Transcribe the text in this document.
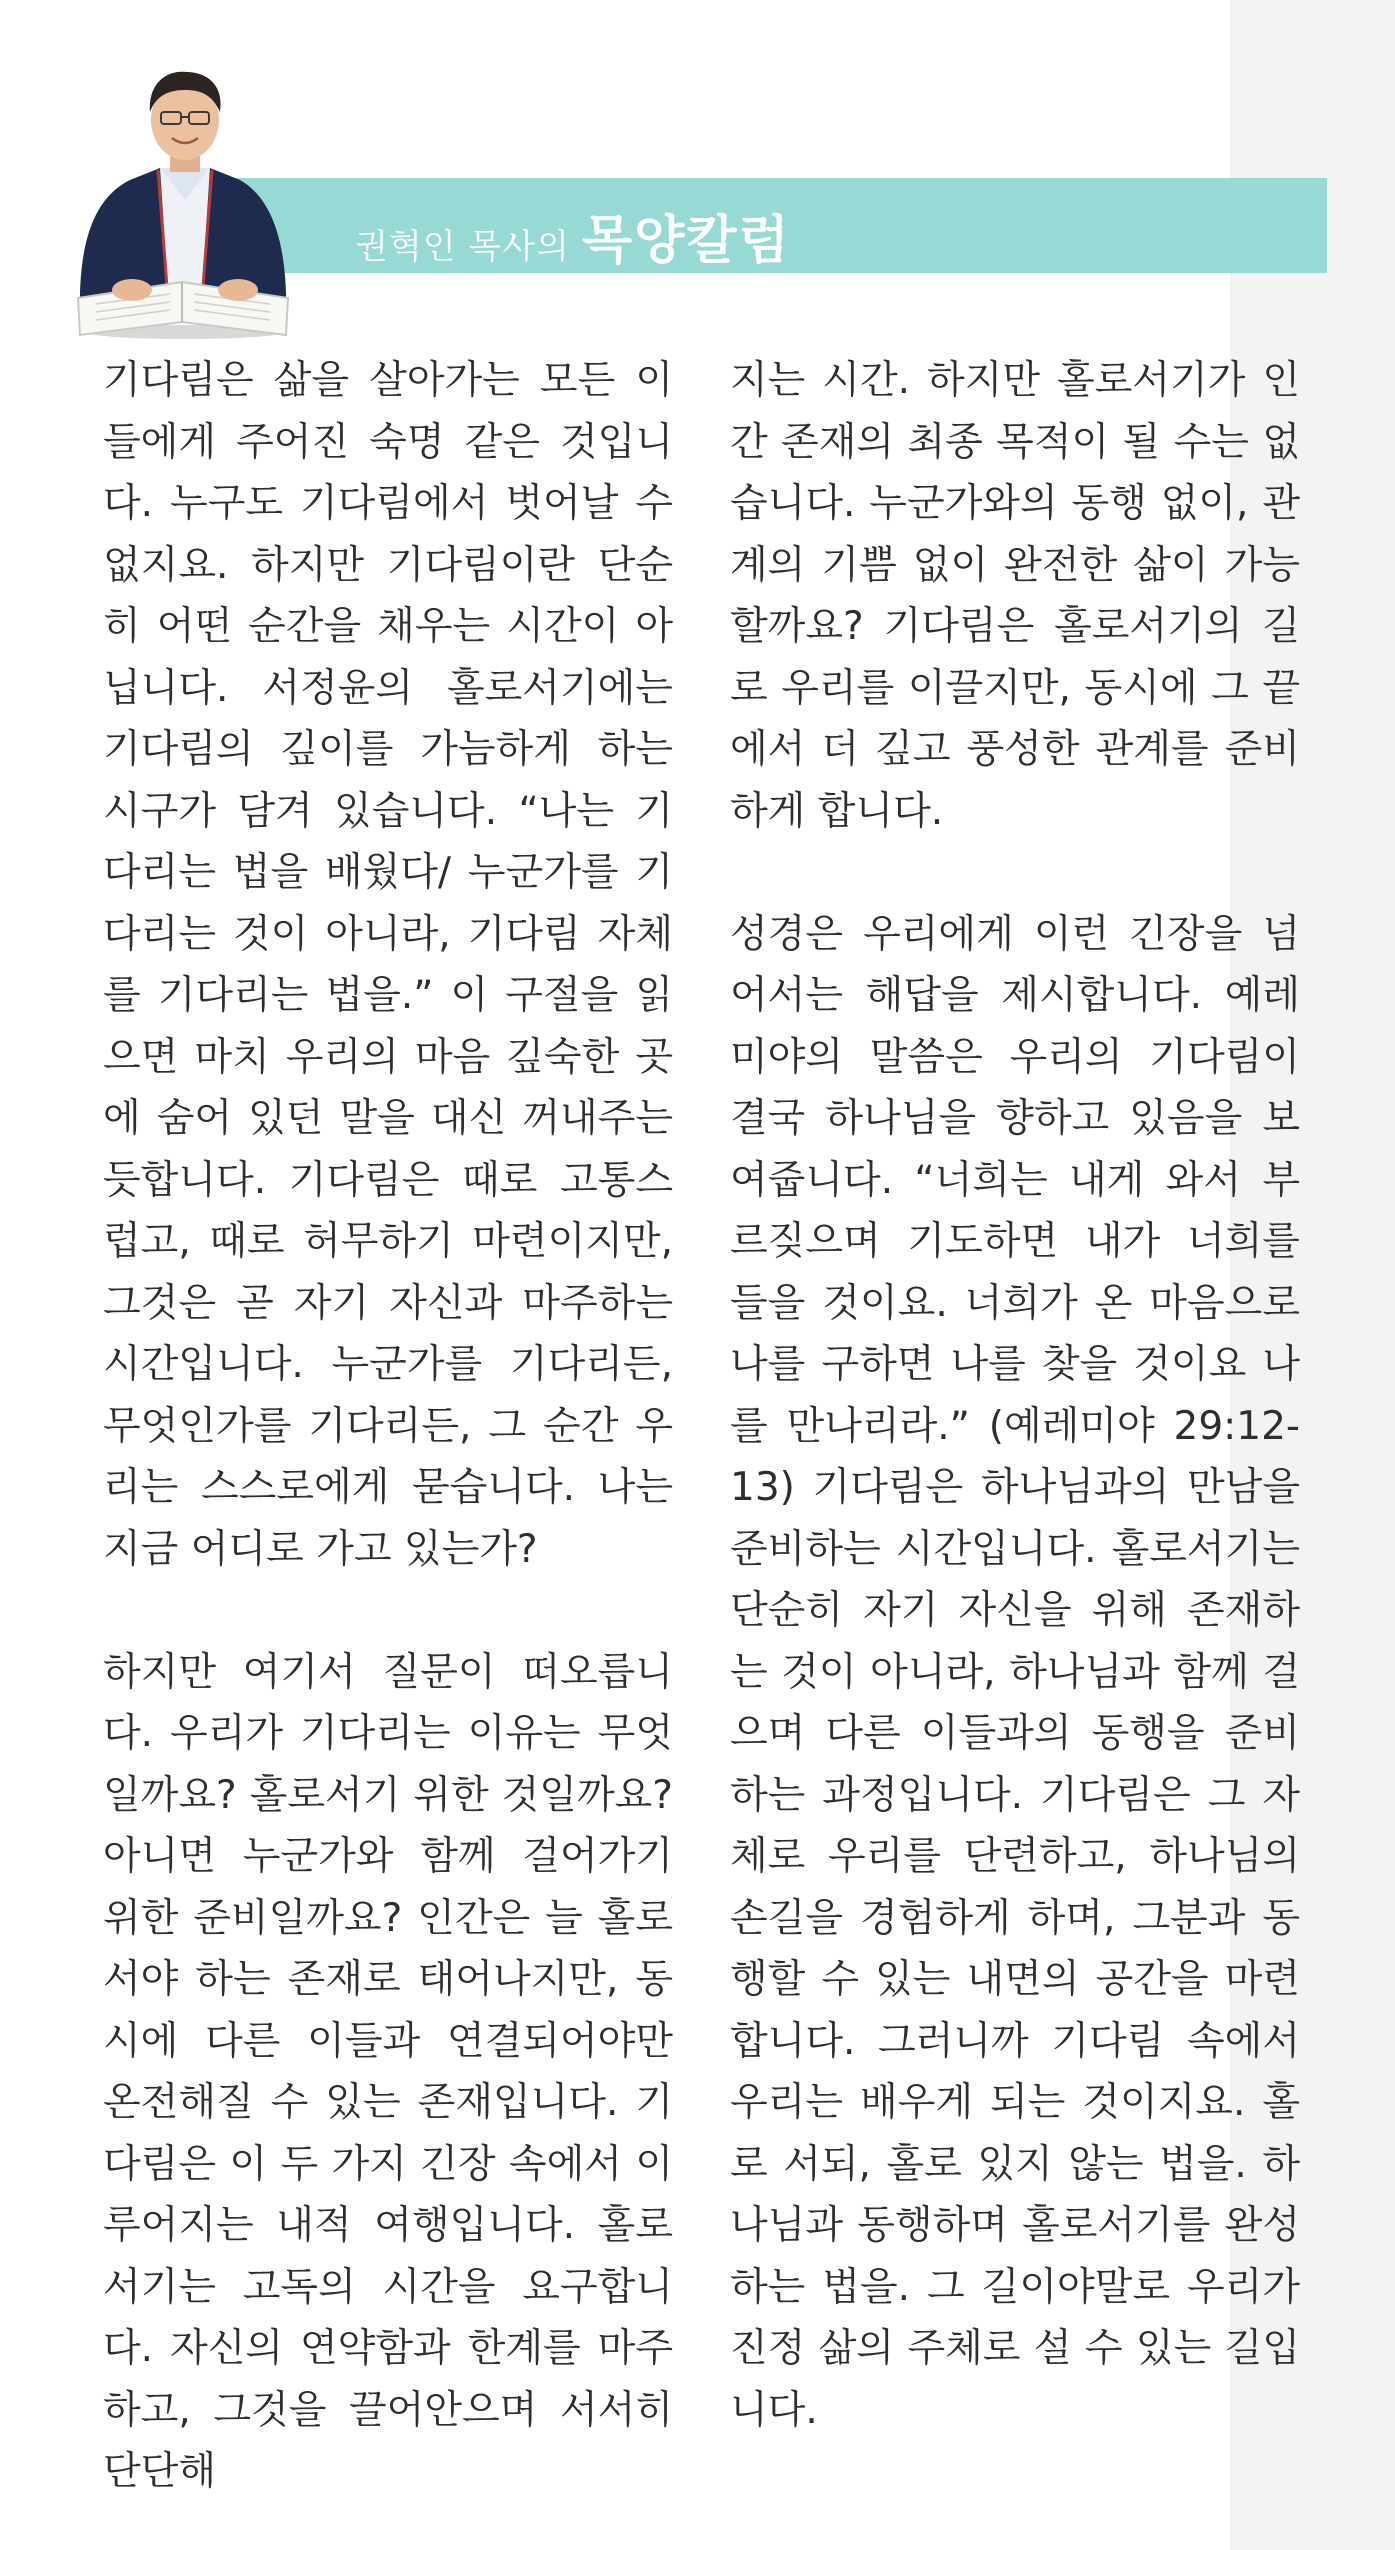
권혁인 목사의 목양칼럼

기다림은 삶을 살아가는 모든 이들에게 주어진 숙명 같은 것입니다. 누구도 기다림에서 벗어날 수 없지요. 하지만 기다림이란 단순히 어떤 순간을 채우는 시간이 아닙니다. 서정윤의 홀로서기에는 기다림의 깊이를 가늠하게 하는 시구가 담겨 있습니다. “나는 기다리는 법을 배웠다/ 누군가를 기다리는 것이 아니라, 기다림 자체를 기다리는 법을.” 이 구절을 읽으면 마치 우리의 마음 깊숙한 곳에 숨어 있던 말을 대신 꺼내주는 듯합니다. 기다림은 때로 고통스럽고, 때로 허무하기 마련이지만, 그것은 곧 자기 자신과 마주하는 시간입니다. 누군가를 기다리든, 무엇인가를 기다리든, 그 순간 우리는 스스로에게 묻습니다. 나는 지금 어디로 가고 있는가?

하지만 여기서 질문이 떠오릅니다. 우리가 기다리는 이유는 무엇일까요? 홀로서기 위한 것일까요? 아니면 누군가와 함께 걸어가기 위한 준비일까요? 인간은 늘 홀로 서야 하는 존재로 태어나지만, 동시에 다른 이들과 연결되어야만 온전해질 수 있는 존재입니다. 기다림은 이 두 가지 긴장 속에서 이루어지는 내적 여행입니다. 홀로서기는 고독의 시간을 요구합니다. 자신의 연약함과 한계를 마주하고, 그것을 끌어안으며 서서히 단단해

지는 시간. 하지만 홀로서기가 인간 존재의 최종 목적이 될 수는 없습니다. 누군가와의 동행 없이, 관계의 기쁨 없이 완전한 삶이 가능할까요? 기다림은 홀로서기의 길로 우리를 이끌지만, 동시에 그 끝에서 더 깊고 풍성한 관계를 준비하게 합니다.

성경은 우리에게 이런 긴장을 넘어서는 해답을 제시합니다. 예레미야의 말씀은 우리의 기다림이 결국 하나님을 향하고 있음을 보여줍니다. “너희는 내게 와서 부르짖으며 기도하면 내가 너희를 들을 것이요. 너희가 온 마음으로 나를 구하면 나를 찾을 것이요 나를 만나리라.” (예레미야 29:12-13) 기다림은 하나님과의 만남을 준비하는 시간입니다. 홀로서기는 단순히 자기 자신을 위해 존재하는 것이 아니라, 하나님과 함께 걸으며 다른 이들과의 동행을 준비하는 과정입니다. 기다림은 그 자체로 우리를 단련하고, 하나님의 손길을 경험하게 하며, 그분과 동행할 수 있는 내면의 공간을 마련합니다. 그러니까 기다림 속에서 우리는 배우게 되는 것이지요. 홀로 서되, 홀로 있지 않는 법을. 하나님과 동행하며 홀로서기를 완성하는 법을. 그 길이야말로 우리가 진정 삶의 주체로 설 수 있는 길입니다.
